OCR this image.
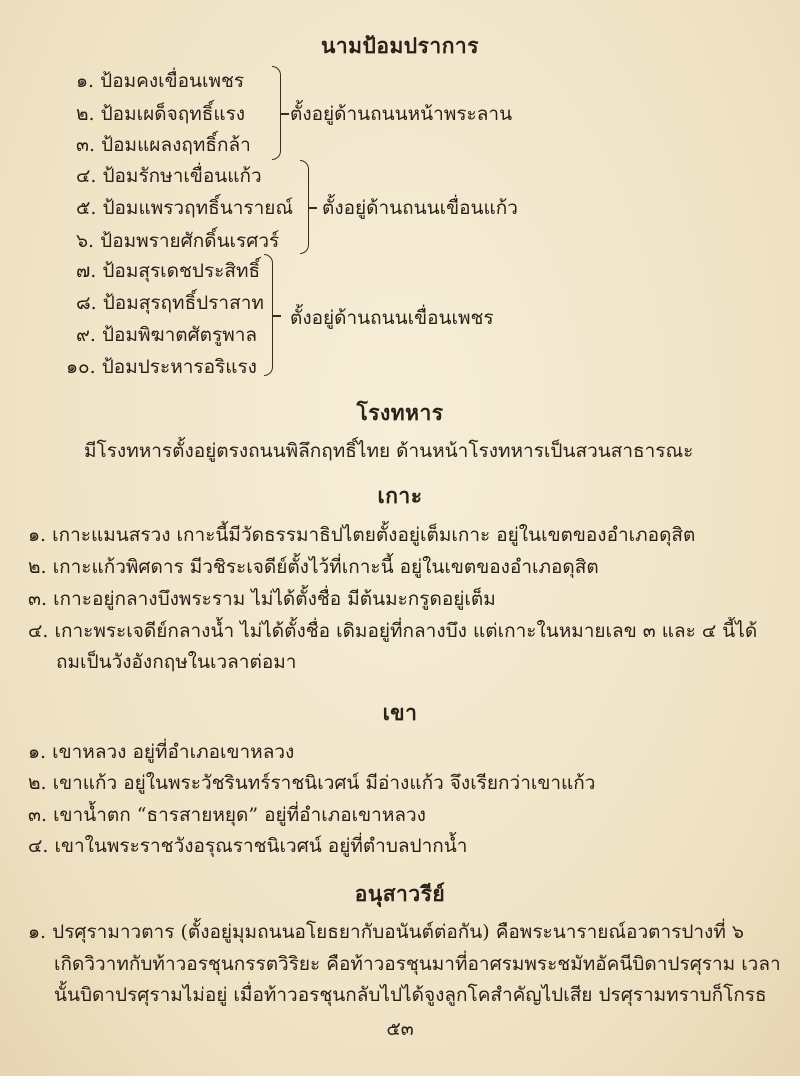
นามป้อมปราการ
๑. ป้อมคงเขื่อนเพชร
๒. ป้อมเผด็จฤทธิ์แรง
๓. ป้อมแผลงฤทธิ์กล้า
ตั้งอยู่ด้านถนนหน้าพระลาน
๔. ป้อมรักษาเขื่อนแก้ว
๕. ป้อมแพรวฤทธิ์นารายณ์
๖. ป้อมพรายศักดิ์นเรศวร์
ตั้งอยู่ด้านถนนเขื่อนแก้ว
๗. ป้อมสุรเดชประสิทธิ์
๘. ป้อมสุรฤทธิ์ปราสาท
๙. ป้อมพิฆาตศัตรูพาล
๑๐. ป้อมประหารอริแรง
ตั้งอยู่ด้านถนนเขื่อนเพชร
โรงทหาร
มีโรงทหารตั้งอยู่ตรงถนนพิลึกฤทธิ์ไทย ด้านหน้าโรงทหารเป็นสวนสาธารณะ
เกาะ
๑. เกาะแมนสรวง เกาะนี้มีวัดธรรมาธิปไตยตั้งอยู่เต็มเกาะ อยู่ในเขตของอำเภอดุสิต
๒. เกาะแก้วพิศดาร มีวชิระเจดีย์ตั้งไว้ที่เกาะนี้ อยู่ในเขตของอำเภอดุสิต
๓. เกาะอยู่กลางบึงพระราม ไม่ได้ตั้งชื่อ มีต้นมะกรูดอยู่เต็ม
๔. เกาะพระเจดีย์กลางน้ำ ไม่ได้ตั้งชื่อ เดิมอยู่ที่กลางบึง แต่เกาะในหมายเลข ๓ และ ๔ นี้ได้
ถมเป็นวังอังกฤษในเวลาต่อมา
เขา
๑. เขาหลวง อยู่ที่อำเภอเขาหลวง
๒. เขาแก้ว อยู่ในพระวัชรินทร์ราชนิเวศน์ มีอ่างแก้ว จึงเรียกว่าเขาแก้ว
๓. เขาน้ำตก “ธารสายหยุด” อยู่ที่อำเภอเขาหลวง
๔. เขาในพระราชวังอรุณราชนิเวศน์ อยู่ที่ตำบลปากน้ำ
อนุสาวรีย์
๑. ปรศุรามาวตาร (ตั้งอยู่มุมถนนอโยธยากับอนันต์ต่อกัน) คือพระนารายณ์อวตารปางที่ ๖
เกิดวิวาทกับท้าวอรชุนกรรตวิริยะ คือท้าวอรชุนมาที่อาศรมพระชมัทอัคนีบิดาปรศุราม เวลา
นั้นบิดาปรศุรามไม่อยู่ เมื่อท้าวอรชุนกลับไปได้จูงลูกโคสำคัญไปเสีย ปรศุรามทราบก็โกรธ
๕๓
